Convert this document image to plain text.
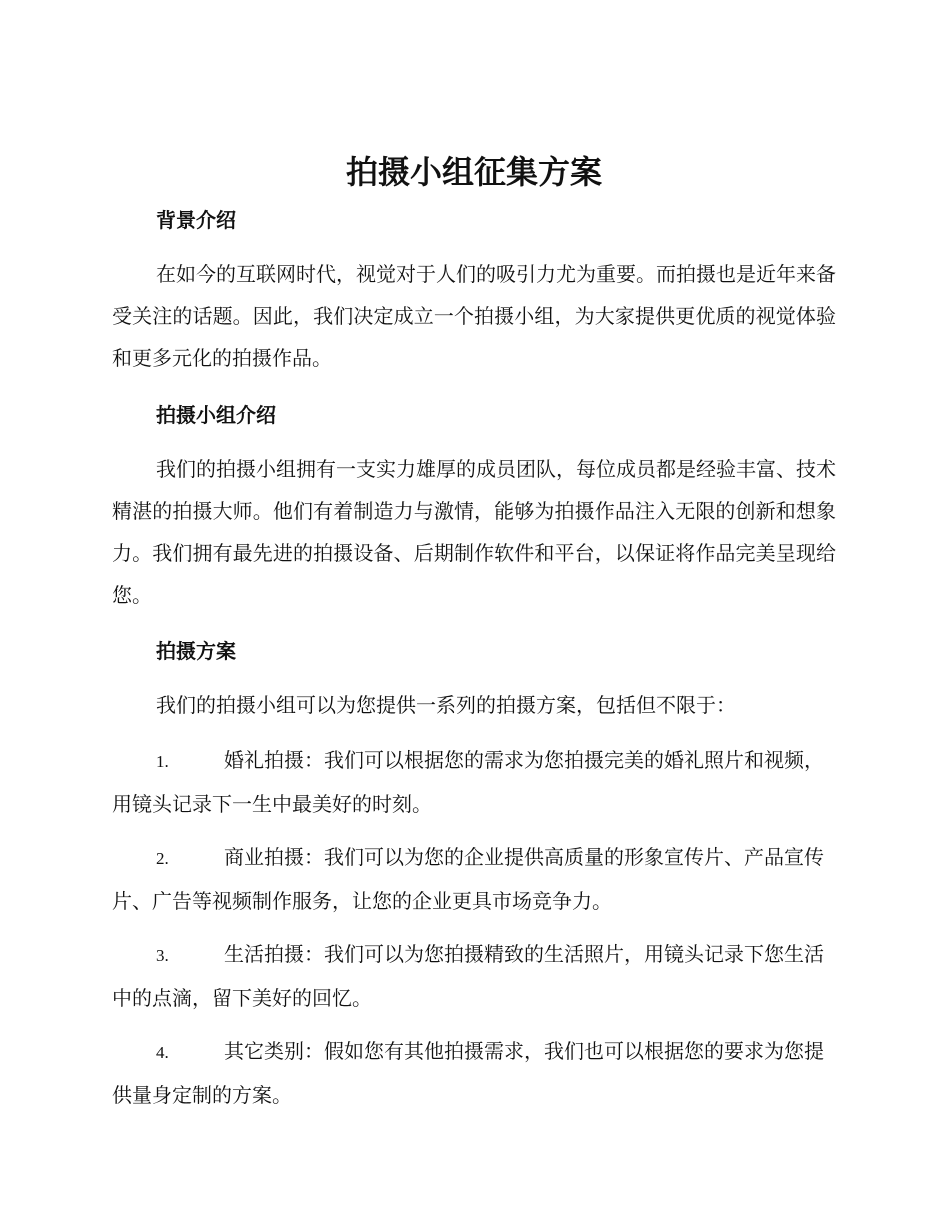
拍摄小组征集方案
背景介绍

在如今的互联网时代，视觉对于人们的吸引力尤为重要。而拍摄也是近年来备受关注的话题。因此，我们决定成立一个拍摄小组，为大家提供更优质的视觉体验和更多元化的拍摄作品。

拍摄小组介绍

我们的拍摄小组拥有一支实力雄厚的成员团队，每位成员都是经验丰富、技术精湛的拍摄大师。他们有着制造力与激情，能够为拍摄作品注入无限的创新和想象力。我们拥有最先进的拍摄设备、后期制作软件和平台，以保证将作品完美呈现给您。

拍摄方案

我们的拍摄小组可以为您提供一系列的拍摄方案，包括但不限于：

1.	婚礼拍摄：我们可以根据您的需求为您拍摄完美的婚礼照片和视频，用镜头记录下一生中最美好的时刻。

2.	商业拍摄：我们可以为您的企业提供高质量的形象宣传片、产品宣传片、广告等视频制作服务，让您的企业更具市场竞争力。

3.	生活拍摄：我们可以为您拍摄精致的生活照片，用镜头记录下您生活中的点滴，留下美好的回忆。

4.	其它类别：假如您有其他拍摄需求，我们也可以根据您的要求为您提供量身定制的方案。
